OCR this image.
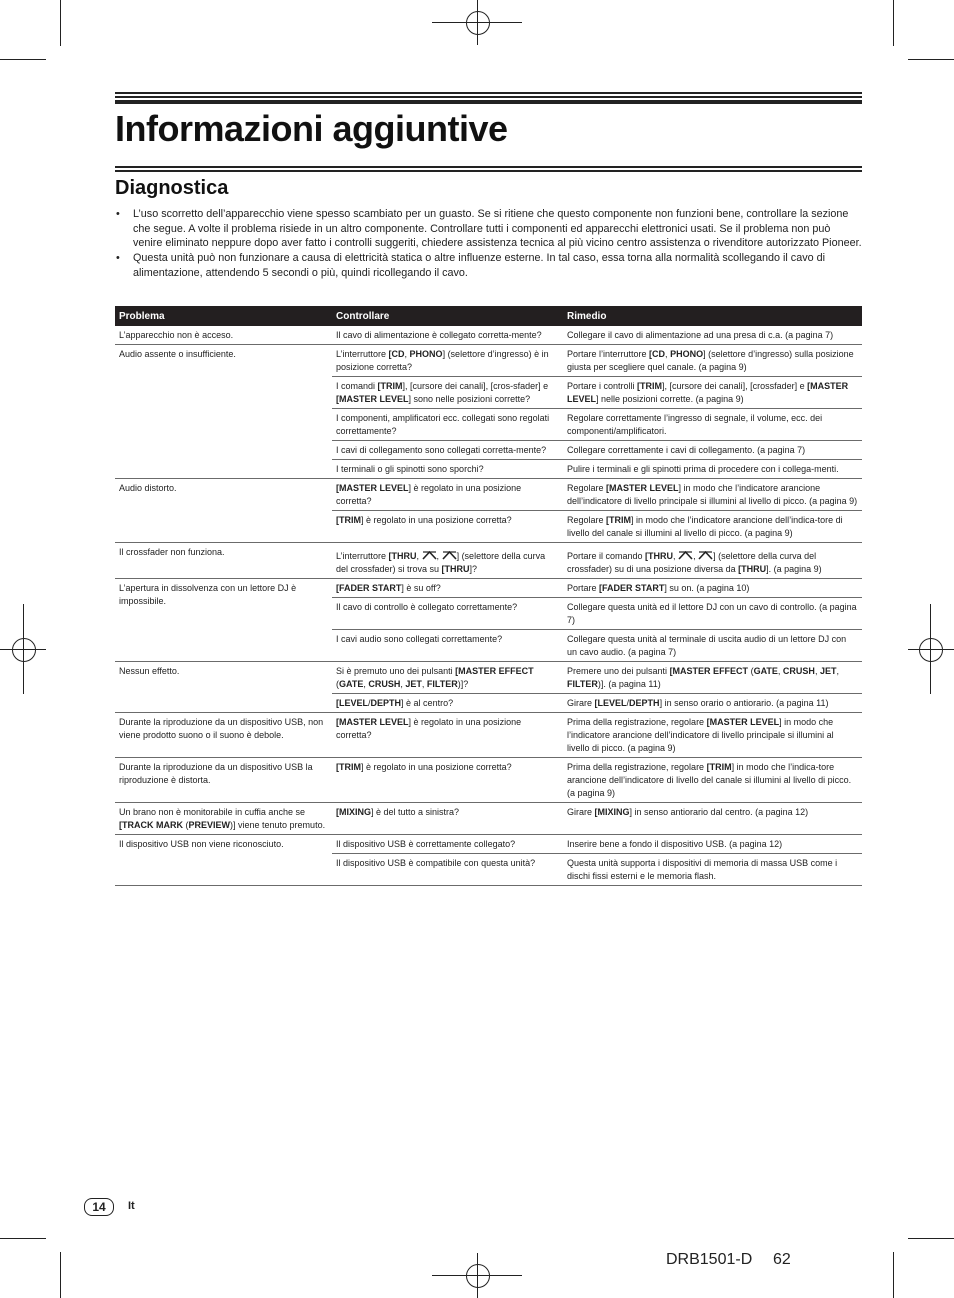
Informazioni aggiuntive
Diagnostica
• L’uso scorretto dell’apparecchio viene spesso scambiato per un guasto. Se si ritiene che questo componente non funzioni bene, controllare la sezione che segue. A volte il problema risiede in un altro componente. Controllare tutti i componenti ed apparecchi elettronici usati. Se il problema non può venire eliminato neppure dopo aver fatto i controlli suggeriti, chiedere assistenza tecnica al più vicino centro assistenza o rivenditore autorizzato Pioneer.
• Questa unità può non funzionare a causa di elettricità statica o altre influenze esterne. In tal caso, essa torna alla normalità scollegando il cavo di alimentazione, attendendo 5 secondi o più, quindi ricollegando il cavo.
Problema	Controllare	Rimedio
L’apparecchio non è acceso.	Il cavo di alimentazione è collegato corretta-mente?	Collegare il cavo di alimentazione ad una presa di c.a. (a pagina 7)
Audio assente o insufficiente.	L’interruttore [CD, PHONO] (selettore d’ingresso) è in posizione corretta?	Portare l’interruttore [CD, PHONO] (selettore d’ingresso) sulla posizione giusta per scegliere quel canale. (a pagina 9)
	I comandi [TRIM], [cursore dei canali], [cros-sfader] e [MASTER LEVEL] sono nelle posizioni corrette?	Portare i controlli [TRIM], [cursore dei canali], [crossfader] e [MASTER LEVEL] nelle posizioni corrette. (a pagina 9)
	I componenti, amplificatori ecc. collegati sono regolati correttamente?	Regolare correttamente l’ingresso di segnale, il volume, ecc. dei componenti/amplificatori.
	I cavi di collegamento sono collegati corretta-mente?	Collegare correttamente i cavi di collegamento. (a pagina 7)
	I terminali o gli spinotti sono sporchi?	Pulire i terminali e gli spinotti prima di procedere con i collega-menti.
Audio distorto.	[MASTER LEVEL] è regolato in una posizione corretta?	Regolare [MASTER LEVEL] in modo che l’indicatore arancione dell’indicatore di livello principale si illumini al livello di picco. (a pagina 9)
	[TRIM] è regolato in una posizione corretta?	Regolare [TRIM] in modo che l’indicatore arancione dell’indica-tore di livello del canale si illumini al livello di picco. (a pagina 9)
Il crossfader non funziona.	L’interruttore [THRU, , ] (selettore della curva del crossfader) si trova su [THRU]?	Portare il comando [THRU, , ] (selettore della curva del crossfader) su di una posizione diversa da [THRU]. (a pagina 9)
L’apertura in dissolvenza con un lettore DJ è impossibile.	[FADER START] è su off?	Portare [FADER START] su on. (a pagina 10)
	Il cavo di controllo è collegato correttamente?	Collegare questa unità ed il lettore DJ con un cavo di controllo. (a pagina 7)
	I cavi audio sono collegati correttamente?	Collegare questa unità al terminale di uscita audio di un lettore DJ con un cavo audio. (a pagina 7)
Nessun effetto.	Si è premuto uno dei pulsanti [MASTER EFFECT (GATE, CRUSH, JET, FILTER)]?	Premere uno dei pulsanti [MASTER EFFECT (GATE, CRUSH, JET, FILTER)]. (a pagina 11)
	[LEVEL/DEPTH] è al centro?	Girare [LEVEL/DEPTH] in senso orario o antiorario. (a pagina 11)
Durante la riproduzione da un dispositivo USB, non viene prodotto suono o il suono è debole.	[MASTER LEVEL] è regolato in una posizione corretta?	Prima della registrazione, regolare [MASTER LEVEL] in modo che l’indicatore arancione dell’indicatore di livello principale si illumini al livello di picco. (a pagina 9)
Durante la riproduzione da un dispositivo USB la riproduzione è distorta.	[TRIM] è regolato in una posizione corretta?	Prima della registrazione, regolare [TRIM] in modo che l’indica-tore arancione dell’indicatore di livello del canale si illumini al livello di picco. (a pagina 9)
Un brano non è monitorabile in cuffia anche se [TRACK MARK (PREVIEW)] viene tenuto premuto.	[MIXING] è del tutto a sinistra?	Girare [MIXING] in senso antiorario dal centro. (a pagina 12)
Il dispositivo USB non viene riconosciuto.	Il dispositivo USB è correttamente collegato?	Inserire bene a fondo il dispositivo USB. (a pagina 12)
	Il dispositivo USB è compatibile con questa unità?	Questa unità supporta i dispositivi di memoria di massa USB come i dischi fissi esterni e le memoria flash.
14	It
DRB1501-D 62
